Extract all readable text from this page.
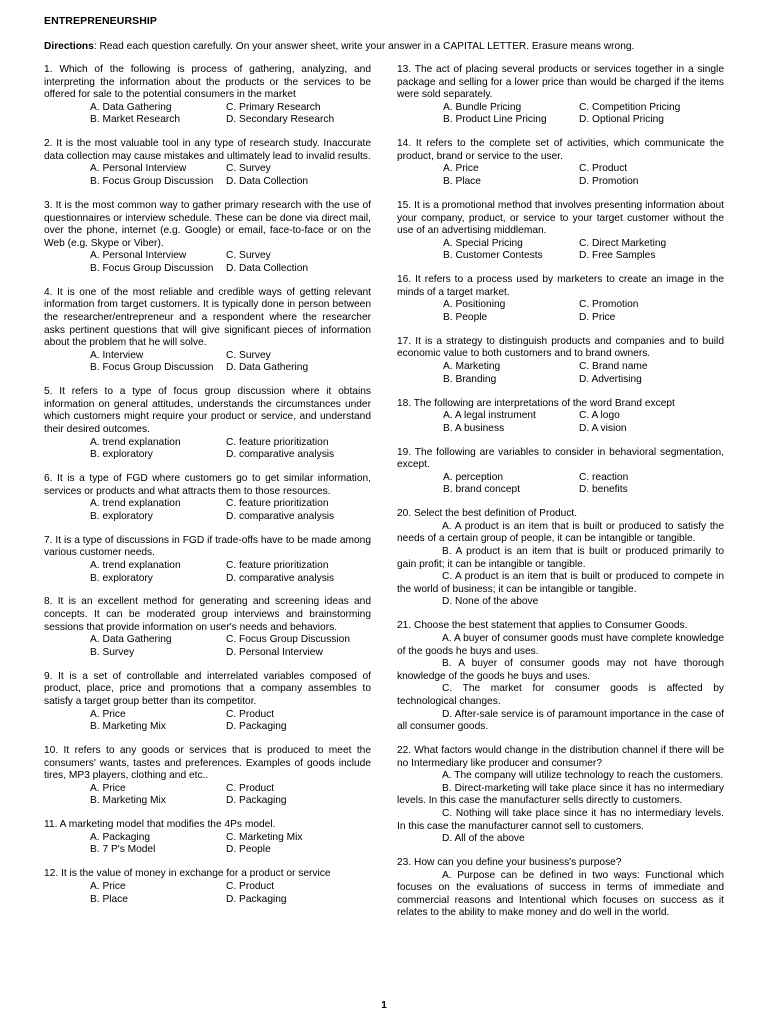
ENTREPRENEURSHIP
Directions: Read each question carefully. On your answer sheet, write your answer in a CAPITAL LETTER. Erasure means wrong.
1. Which of the following is process of gathering, analyzing, and interpreting the information about the products or the services to be offered for sale to the potential consumers in the market
A. Data Gathering	C. Primary Research
B. Market Research	D. Secondary Research
2. It is the most valuable tool in any type of research study. Inaccurate data collection may cause mistakes and ultimately lead to invalid results.
A. Personal Interview	C. Survey
B. Focus Group Discussion	D. Data Collection
3. It is the most common way to gather primary research with the use of questionnaires or interview schedule. These can be done via direct mail, over the phone, internet (e.g. Google) or email, face-to-face or on the Web (e.g. Skype or Viber).
A. Personal Interview	C. Survey
B. Focus Group Discussion	D. Data Collection
4. It is one of the most reliable and credible ways of getting relevant information from target customers. It is typically done in person between the researcher/entrepreneur and a respondent where the researcher asks pertinent questions that will give significant pieces of information about the problem that he will solve.
A. Interview	C. Survey
B. Focus Group Discussion	D. Data Gathering
5. It refers to a type of focus group discussion where it obtains information on general attitudes, understands the circumstances under which customers might require your product or service, and understand their desired outcomes.
A. trend explanation	C. feature prioritization
B. exploratory	D. comparative analysis
6. It is a type of FGD where customers go to get similar information, services or products and what attracts them to those resources.
A. trend explanation	C. feature prioritization
B. exploratory	D. comparative analysis
7. It is a type of discussions in FGD if trade-offs have to be made among various customer needs.
A. trend explanation	C. feature prioritization
B. exploratory	D. comparative analysis
8. It is an excellent method for generating and screening ideas and concepts. It can be moderated group interviews and brainstorming sessions that provide information on user's needs and behaviors.
A. Data Gathering	C. Focus Group Discussion
B. Survey	D. Personal Interview
9. It is a set of controllable and interrelated variables composed of product, place, price and promotions that a company assembles to satisfy a target group better than its competitor.
A. Price	C. Product
B. Marketing Mix	D. Packaging
10. It refers to any goods or services that is produced to meet the consumers' wants, tastes and preferences. Examples of goods include tires, MP3 players, clothing and etc..
A. Price	C. Product
B. Marketing Mix	D. Packaging
11. A marketing model that modifies the 4Ps model.
A. Packaging	C. Marketing Mix
B. 7 P's Model	D. People
12. It is the value of money in exchange for a product or service
A. Price	C. Product
B. Place	D. Packaging
13. The act of placing several products or services together in a single package and selling for a lower price than would be charged if the items were sold separately.
A. Bundle Pricing	C. Competition Pricing
B. Product Line Pricing	D. Optional Pricing
14. It refers to the complete set of activities, which communicate the product, brand or service to the user.
A. Price	C. Product
B. Place	D. Promotion
15. It is a promotional method that involves presenting information about your company, product, or service to your target customer without the use of an advertising middleman.
A. Special Pricing	C. Direct Marketing
B. Customer Contests	D. Free Samples
16. It refers to a process used by marketers to create an image in the minds of a target market.
A. Positioning	C. Promotion
B. People	D. Price
17. It is a strategy to distinguish products and companies and to build economic value to both customers and to brand owners.
A. Marketing	C. Brand name
B. Branding	D. Advertising
18. The following are interpretations of the word Brand except
A. A legal instrument	C. A logo
B. A business	D. A vision
19. The following are variables to consider in behavioral segmentation, except.
A. perception	C. reaction
B. brand concept	D. benefits
20. Select the best definition of Product.
A. A product is an item that is built or produced to satisfy the needs of a certain group of people, it can be intangible or tangible.
B. A product is an item that is built or produced primarily to gain profit; it can be intangible or tangible.
C. A product is an item that is built or produced to compete in the world of business; it can be intangible or tangible.
D. None of the above
21. Choose the best statement that applies to Consumer Goods.
A. A buyer of consumer goods must have complete knowledge of the goods he buys and uses.
B. A buyer of consumer goods may not have thorough knowledge of the goods he buys and uses.
C. The market for consumer goods is affected by technological changes.
D. After-sale service is of paramount importance in the case of all consumer goods.
22. What factors would change in the distribution channel if there will be no Intermediary like producer and consumer?
A. The company will utilize technology to reach the customers.
B. Direct-marketing will take place since it has no intermediary levels. In this case the manufacturer sells directly to customers.
C. Nothing will take place since it has no intermediary levels. In this case the manufacturer cannot sell to customers.
D. All of the above
23. How can you define your business's purpose?
A. Purpose can be defined in two ways: Functional which focuses on the evaluations of success in terms of immediate and commercial reasons and Intentional which focuses on success as it relates to the ability to make money and do well in the world.
1
